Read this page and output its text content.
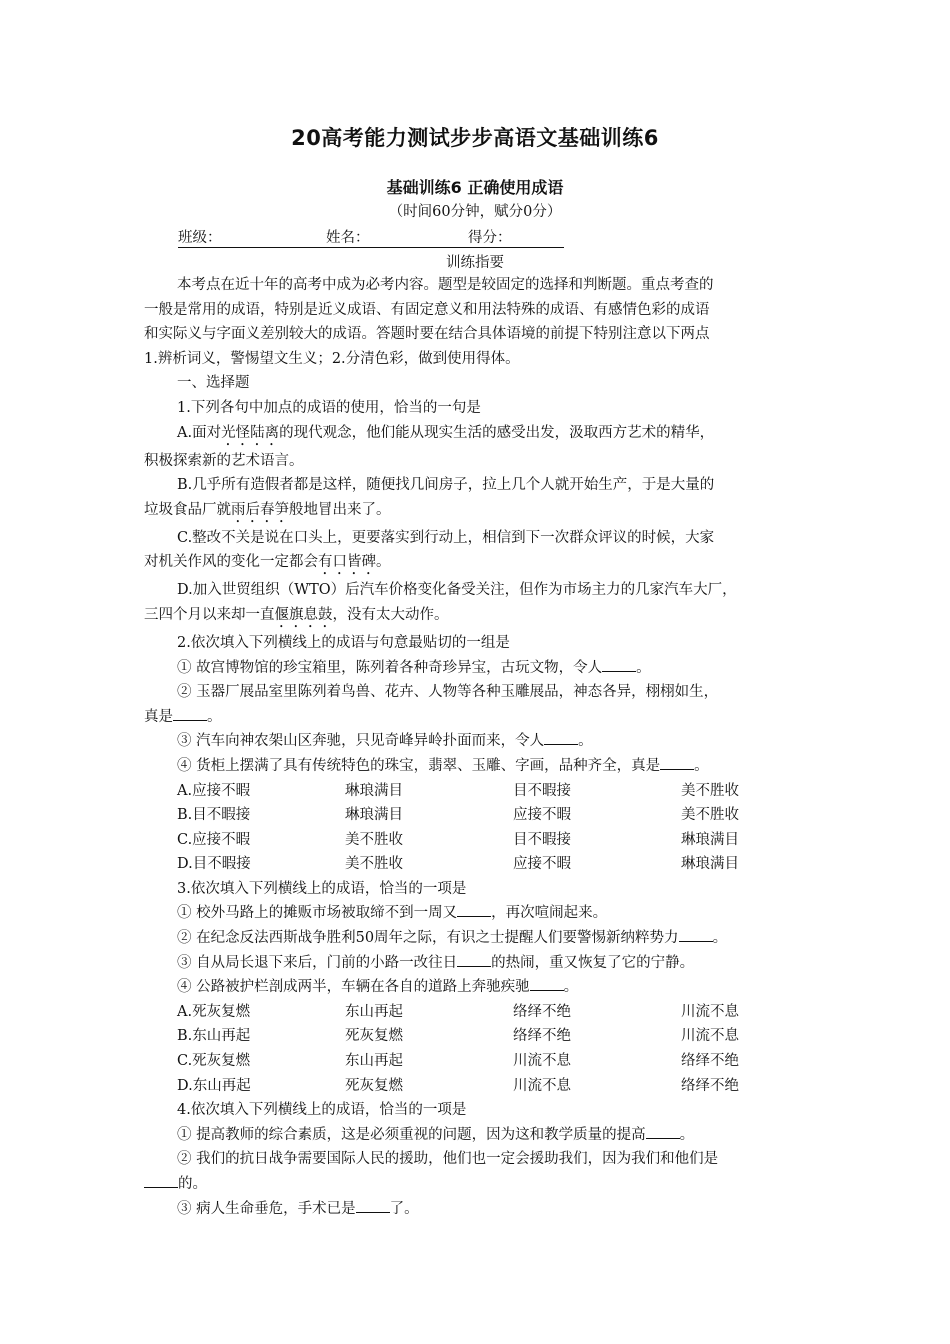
20高考能力测试步步高语文基础训练6
基础训练6 正确使用成语
（时间60分钟，赋分0分）
班级：	姓名：	得分：
训练指要

本考点在近十年的高考中成为必考内容。题型是较固定的选择和判断题。重点考查的

一般是常用的成语，特别是近义成语、有固定意义和用法特殊的成语、有感情色彩的成语

和实际义与字面义差别较大的成语。答题时要在结合具体语境的前提下特别注意以下两点

1.辨析词义，警惕望文生义；2.分清色彩，做到使用得体。

一、选择题

1.下列各句中加点的成语的使用，恰当的一句是

A.面对光怪陆离的现代观念，他们能从现实生活的感受出发，汲取西方艺术的精华，

积极探索新的艺术语言。

B.几乎所有造假者都是这样，随便找几间房子，拉上几个人就开始生产，于是大量的

垃圾食品厂就雨后春笋般地冒出来了。

C.整改不关是说在口头上，更要落实到行动上，相信到下一次群众评议的时候，大家

对机关作风的变化一定都会有口皆碑。

D.加入世贸组织（WTO）后汽车价格变化备受关注，但作为市场主力的几家汽车大厂，

三四个月以来却一直偃旗息鼓，没有太大动作。

2.依次填入下列横线上的成语与句意最贴切的一组是

① 故宫博物馆的珍宝箱里，陈列着各种奇珍异宝，古玩文物，令人 。

② 玉器厂展品室里陈列着鸟兽、花卉、人物等各种玉雕展品，神态各异，栩栩如生，

真是 。

③ 汽车向神农架山区奔驰，只见奇峰异岭扑面而来，令人 。

④ 货柜上摆满了具有传统特色的珠宝，翡翠、玉雕、字画，品种齐全，真是 。

A.应接不暇	琳琅满目	目不暇接	美不胜收
B.目不暇接	琳琅满目	应接不暇	美不胜收
C.应接不暇	美不胜收	目不暇接	琳琅满目
D.目不暇接	美不胜收	应接不暇	琳琅满目

3.依次填入下列横线上的成语，恰当的一项是

① 校外马路上的摊贩市场被取缔不到一周又 ，再次喧闹起来。

② 在纪念反法西斯战争胜利50周年之际，有识之士提醒人们要警惕新纳粹势力 。

③ 自从局长退下来后，门前的小路一改往日 的热闹，重又恢复了它的宁静。

④ 公路被护栏剖成两半，车辆在各自的道路上奔驰疾驰 。

A.死灰复燃	东山再起	络绎不绝	川流不息
B.东山再起	死灰复燃	络绎不绝	川流不息
C.死灰复燃	东山再起	川流不息	络绎不绝
D.东山再起	死灰复燃	川流不息	络绎不绝

4.依次填入下列横线上的成语，恰当的一项是

① 提高教师的综合素质，这是必须重视的问题，因为这和教学质量的提高 。

② 我们的抗日战争需要国际人民的援助，他们也一定会援助我们，因为我们和他们是

的。

③ 病人生命垂危，手术已是 了。
